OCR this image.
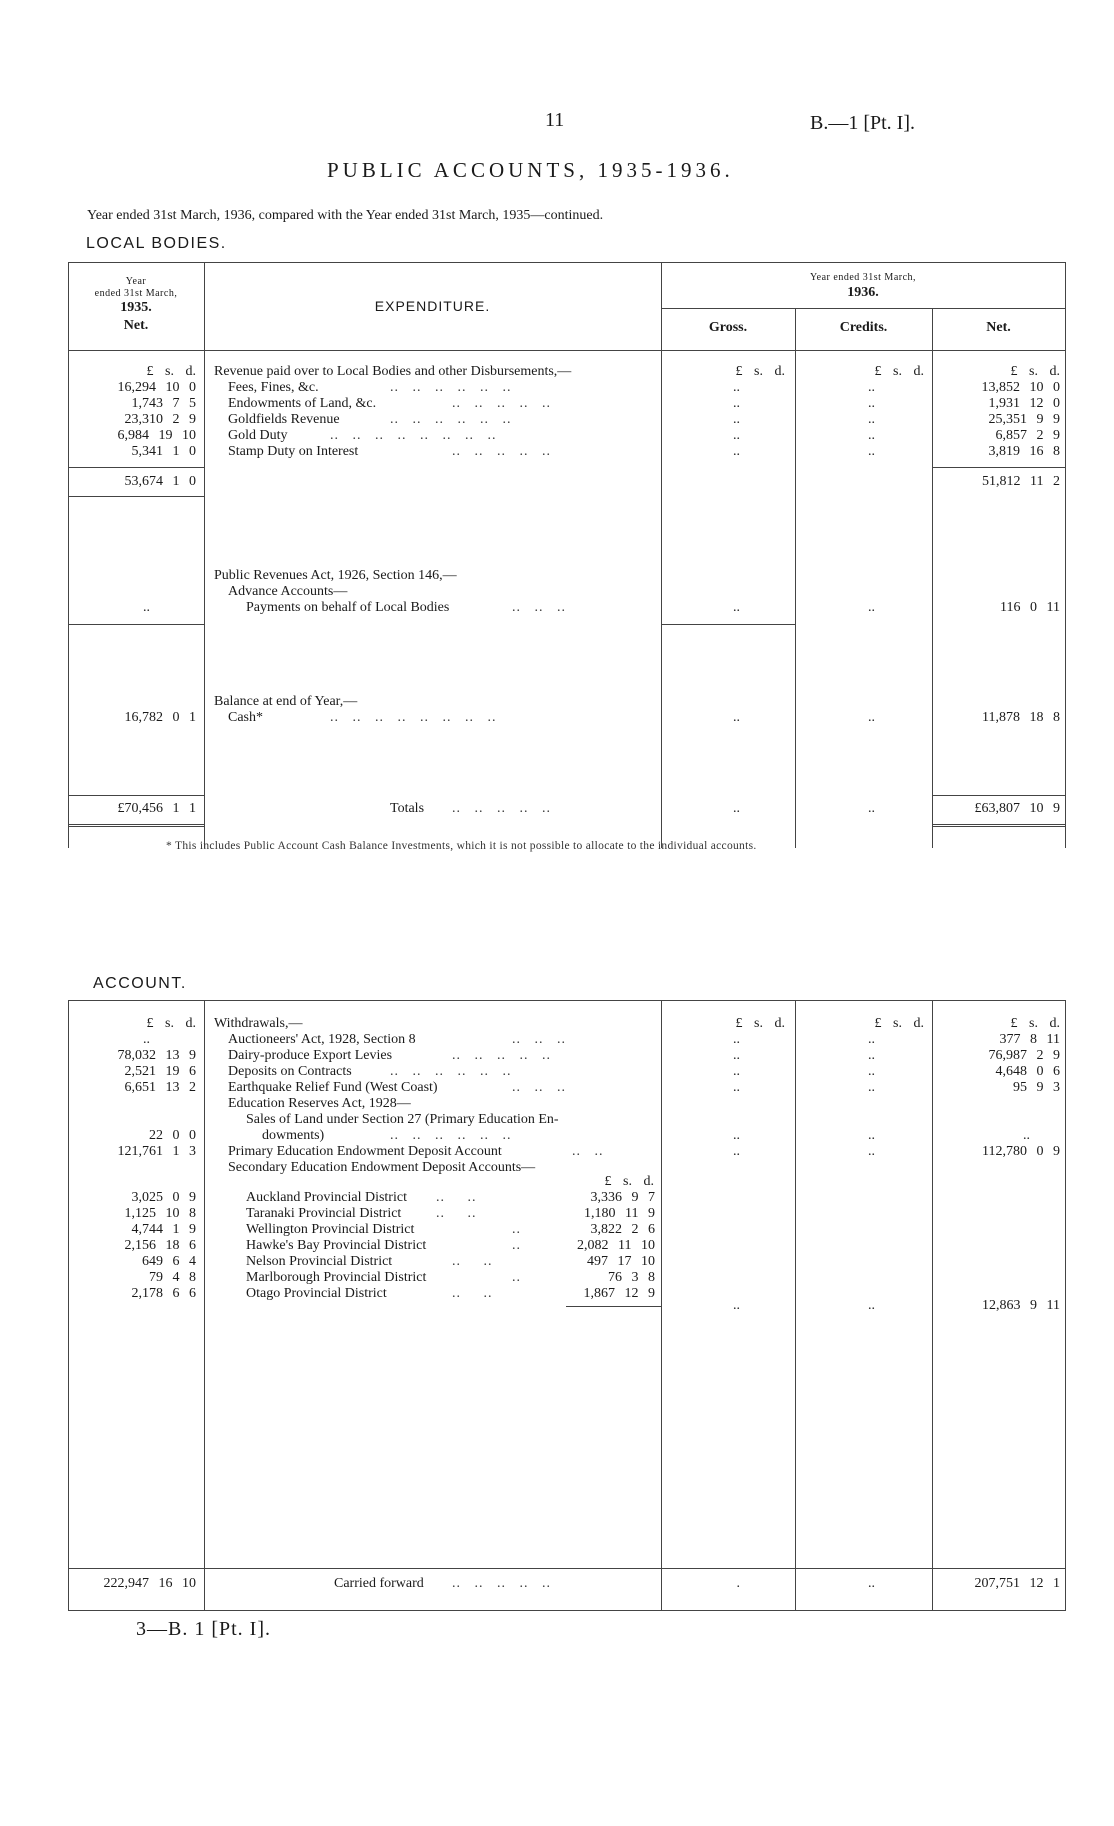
11	B.—1 [Pt. I].
PUBLIC ACCOUNTS, 1935-1936.
Year ended 31st March, 1936, compared with the Year ended 31st March, 1935—continued.
LOCAL BODIES.
Year
ended 31st March,
1935.
Net.
EXPENDITURE.
Year ended 31st March,
1936.
Gross.	Credits.	Net.
£ s. d.	£ s. d.	£ s. d.	£ s. d.
Revenue paid over to Local Bodies and other Disbursements,—
16,294 10 0 Fees, Fines, &c.	..   ..   ..   ..   ..   ..	..	..	13,852 10 0
1,743 7 5 Endowments of Land, &c.	..   ..   ..   ..   ..	..	..	1,931 12 0
23,310 2 9 Goldfields Revenue	..   ..   ..   ..   ..   ..	..	..	25,351 9 9
6,984 19 10 Gold Duty	..   ..   ..   ..   ..   ..   ..   ..	..	..	6,857 2 9
5,341 1 0 Stamp Duty on Interest	..   ..   ..   ..   ..	..	..	3,819 16 8
53,674 1 0	51,812 11 2
Public Revenues Act, 1926, Section 146,—
Advance Accounts—
..	Payments on behalf of Local Bodies	..   ..   ..	..	..	116 0 11
Balance at end of Year,—
16,782 0 1 Cash*	..   ..   ..   ..   ..   ..   ..   ..	..	..	11,878 18 8
£70,456 1 1	Totals ..   ..   ..   ..   ..	..	..	£63,807 10 9
* This includes Public Account Cash Balance Investments, which it is not possible to allocate to the individual accounts.
ACCOUNT.
£ s. d.	£ s. d.	£ s. d.	£ s. d.
Withdrawals,—
..	Auctioneers' Act, 1928, Section 8	..   ..   ..	..	..	377 8 11
78,032 13 9 Dairy-produce Export Levies	..   ..   ..   ..   ..	..	..	76,987 2 9
2,521 19 6 Deposits on Contracts	..   ..   ..   ..   ..   ..	..	..	4,648 0 6
6,651 13 2 Earthquake Relief Fund (West Coast)	..   ..   ..	..	..	95 9 3
Education Reserves Act, 1928—
Sales of Land under Section 27 (Primary Education En-
22 0 0	dowments)	..   ..   ..   ..   ..   ..	..	..	..
121,761 1 3 Primary Education Endowment Deposit Account	..   ..	..	..	112,780 0 9
Secondary Education Endowment Deposit Accounts—
£ s. d.
3,025 0 9	Auckland Provincial District ..     ..	3,336 9 7
1,125 10 8	Taranaki Provincial District ..     ..	1,180 11 9
4,744 1 9	Wellington Provincial District	..	3,822 2 6
2,156 18 6	Hawke's Bay Provincial District	..	2,082 11 10
649 6 4	Nelson Provincial District	..     ..	497 17 10
79 4 8	Marlborough Provincial District	..	76 3 8
2,178 6 6	Otago Provincial District	..     ..	1,867 12 9
..	..	12,863 9 11
222,947 16 10	Carried forward ..   ..   ..   ..   ..	.	..	207,751 12 1
3—B. 1 [Pt. I].
